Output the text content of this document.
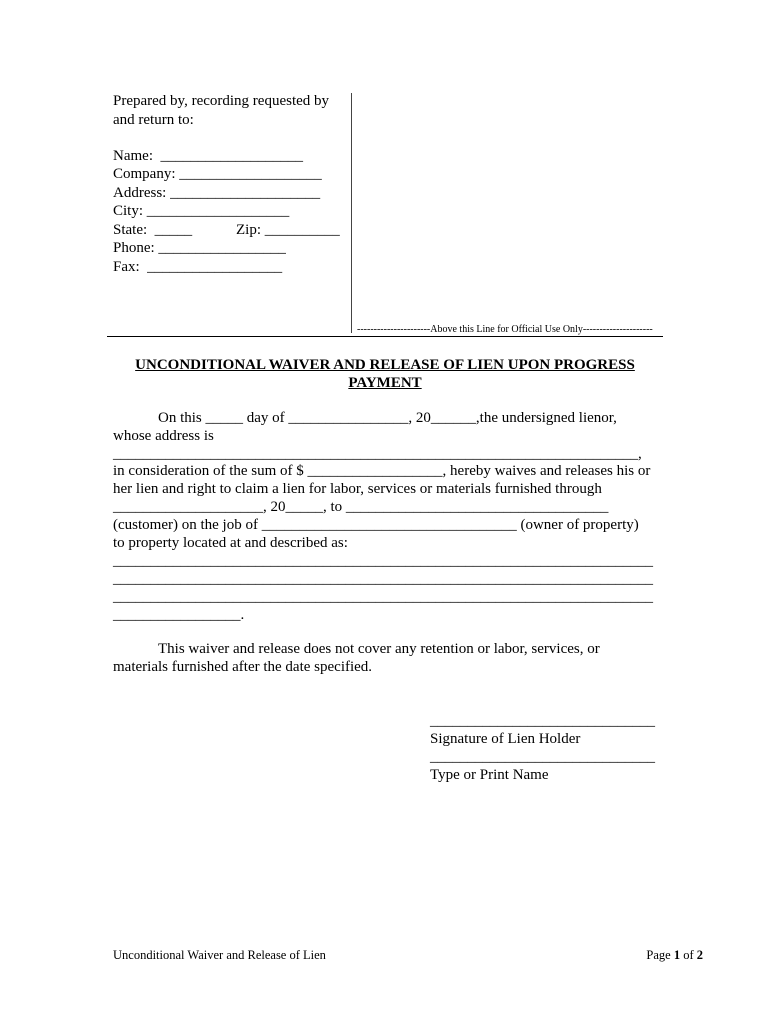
Prepared by, recording requested by
and return to:
Name:  ___________________
Company: ___________________
Address: ____________________
City: ___________________
State:  _____	Zip: __________
Phone: _________________
Fax:  __________________
----------------------Above this Line for Official Use Only---------------------
UNCONDITIONAL WAIVER AND RELEASE OF LIEN UPON PROGRESS
PAYMENT
On this _____ day of ________________, 20______,the undersigned lienor,
whose address is
______________________________________________________________________,
in consideration of the sum of $ __________________, hereby waives and releases his or
her lien and right to claim a lien for labor, services or materials furnished through
____________________, 20_____, to ___________________________________
(customer) on the job of __________________________________ (owner of property)
to property located at and described as:
________________________________________________________________________
________________________________________________________________________
________________________________________________________________________
_________________.
This waiver and release does not cover any retention or labor, services, or
materials furnished after the date specified.
______________________________
Signature of Lien Holder
______________________________
Type or Print Name
Unconditional Waiver and Release of Lien	Page 1 of 2
